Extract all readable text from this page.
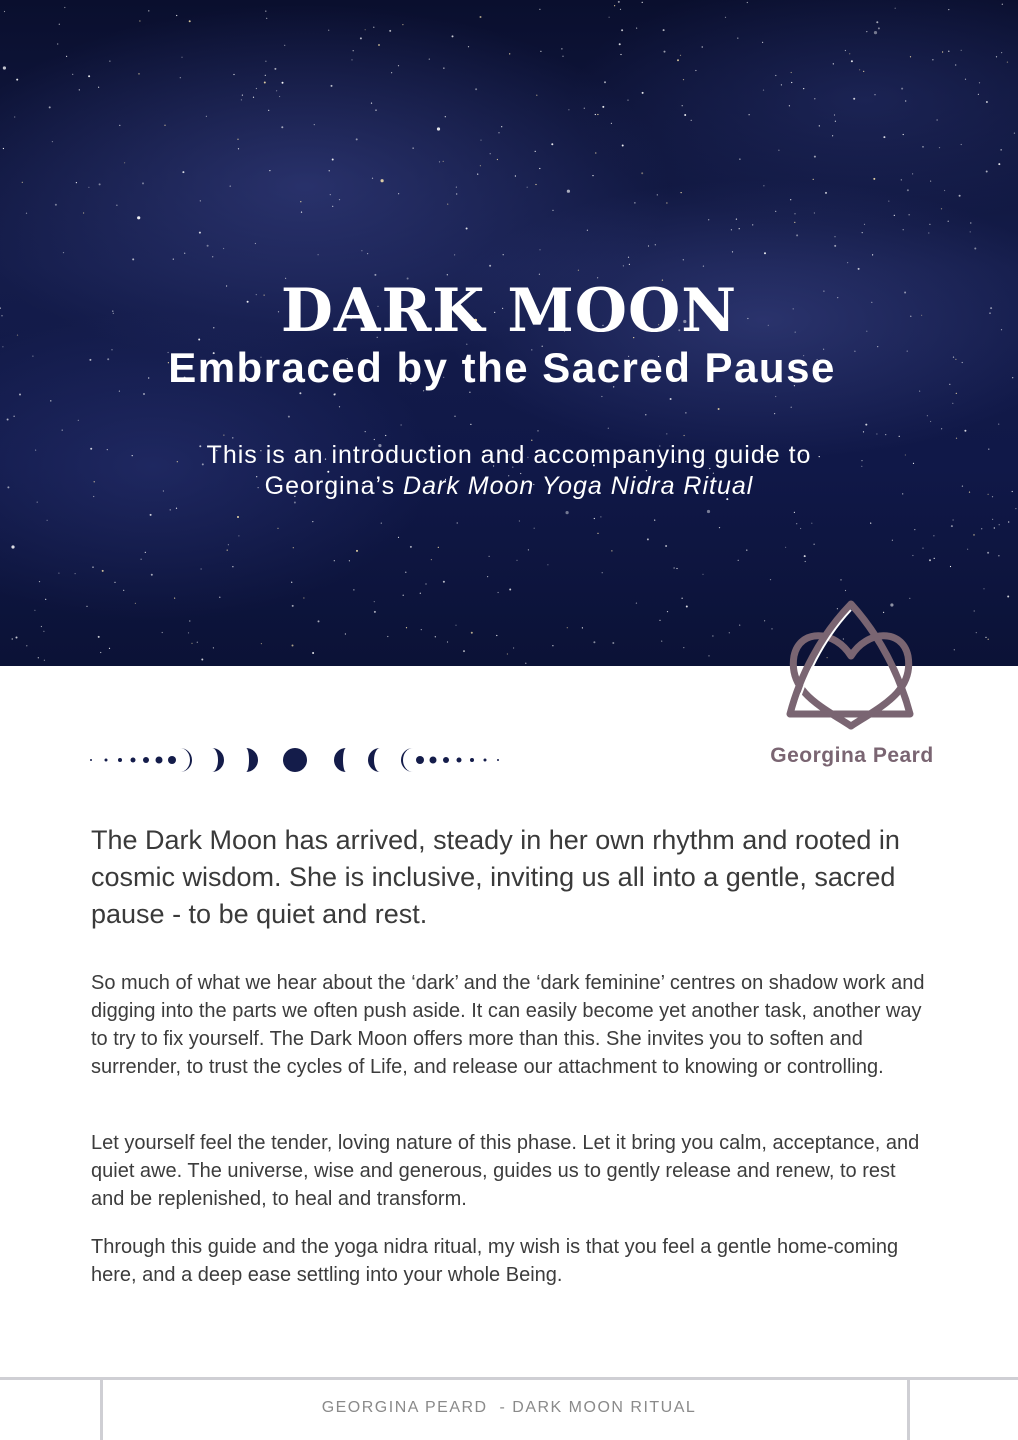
DARK MOON
Embraced by the Sacred Pause

This is an introduction and accompanying guide to
Georgina’s Dark Moon Yoga Nidra Ritual

Georgina Peard

The Dark Moon has arrived, steady in her own rhythm and rooted in cosmic wisdom. She is inclusive, inviting us all into a gentle, sacred pause - to be quiet and rest.

So much of what we hear about the ‘dark’ and the ‘dark feminine’ centres on shadow work and digging into the parts we often push aside. It can easily become yet another task, another way to try to fix yourself. The Dark Moon offers more than this. She invites you to soften and surrender, to trust the cycles of Life, and release our attachment to knowing or controlling.

Let yourself feel the tender, loving nature of this phase. Let it bring you calm, acceptance, and quiet awe. The universe, wise and generous, guides us to gently release and renew, to rest and be replenished, to heal and transform.

Through this guide and the yoga nidra ritual, my wish is that you feel a gentle home-coming here, and a deep ease settling into your whole Being.

GEORGINA PEARD  - DARK MOON RITUAL
